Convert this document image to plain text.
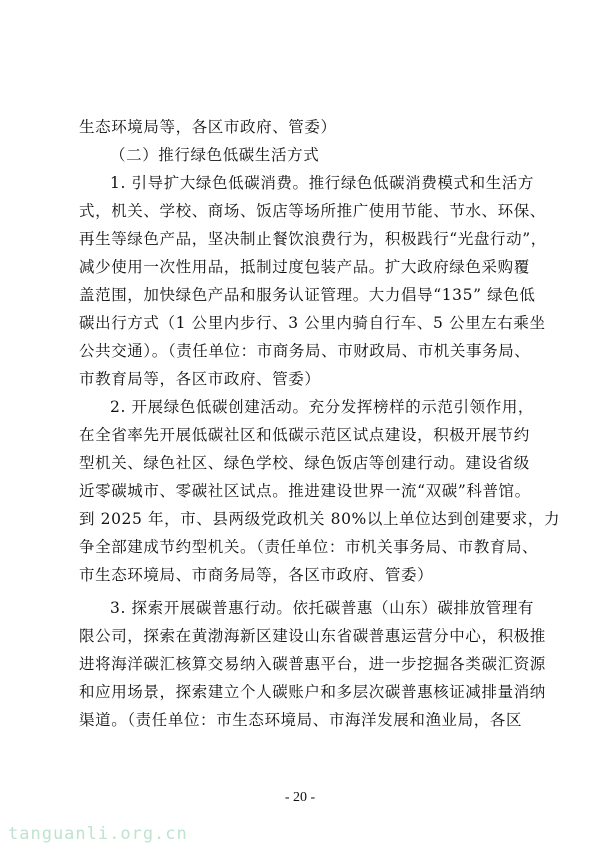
生态环境局等，各区市政府、管委）
（二）推行绿色低碳生活方式
1. 引导扩大绿色低碳消费。推行绿色低碳消费模式和生活方
式，机关、学校、商场、饭店等场所推广使用节能、节水、环保、
再生等绿色产品，坚决制止餐饮浪费行为，积极践行“光盘行动”，
减少使用一次性用品，抵制过度包装产品。扩大政府绿色采购覆
盖范围，加快绿色产品和服务认证管理。大力倡导“135” 绿色低
碳出行方式（1 公里内步行、3 公里内骑自行车、5 公里左右乘坐
公共交通）。（责任单位：市商务局、市财政局、市机关事务局、
市教育局等，各区市政府、管委）
2. 开展绿色低碳创建活动。充分发挥榜样的示范引领作用，
在全省率先开展低碳社区和低碳示范区试点建设，积极开展节约
型机关、绿色社区、绿色学校、绿色饭店等创建行动。建设省级
近零碳城市、零碳社区试点。推进建设世界一流“双碳”科普馆。
到 2025 年，市、县两级党政机关 80%以上单位达到创建要求，力
争全部建成节约型机关。（责任单位：市机关事务局、市教育局、
市生态环境局、市商务局等，各区市政府、管委）
3. 探索开展碳普惠行动。依托碳普惠（山东）碳排放管理有
限公司，探索在黄渤海新区建设山东省碳普惠运营分中心，积极推
进将海洋碳汇核算交易纳入碳普惠平台，进一步挖掘各类碳汇资源
和应用场景，探索建立个人碳账户和多层次碳普惠核证减排量消纳
渠道。（责任单位：市生态环境局、市海洋发展和渔业局，各区
- 20 -
tanguanli.org.cn
